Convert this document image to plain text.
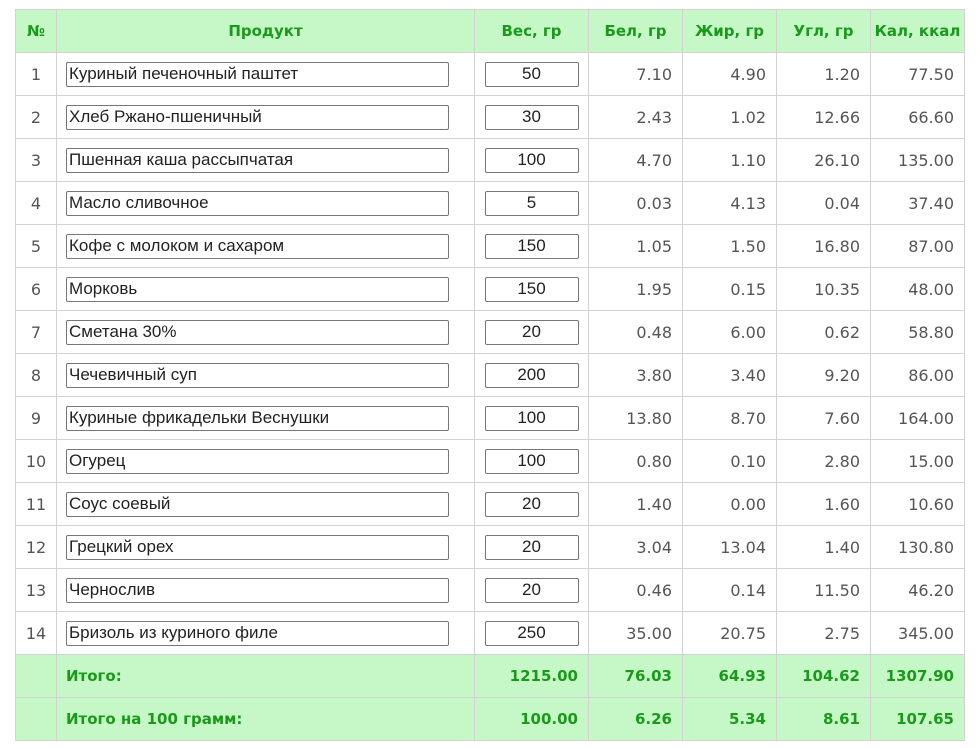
№	Продукт	Вес, гр	Бел, гр	Жир, гр	Угл, гр	Кал, ккал
1	Куриный печеночный паштет	50	7.10	4.90	1.20	77.50
2	Хлеб Ржано-пшеничный	30	2.43	1.02	12.66	66.60
3	Пшенная каша рассыпчатая	100	4.70	1.10	26.10	135.00
4	Масло сливочное	5	0.03	4.13	0.04	37.40
5	Кофе с молоком и сахаром	150	1.05	1.50	16.80	87.00
6	Морковь	150	1.95	0.15	10.35	48.00
7	Сметана 30%	20	0.48	6.00	0.62	58.80
8	Чечевичный суп	200	3.80	3.40	9.20	86.00
9	Куриные фрикадельки Веснушки	100	13.80	8.70	7.60	164.00
10	Огурец	100	0.80	0.10	2.80	15.00
11	Соус соевый	20	1.40	0.00	1.60	10.60
12	Грецкий орех	20	3.04	13.04	1.40	130.80
13	Чернослив	20	0.46	0.14	11.50	46.20
14	Бризоль из куриного филе	250	35.00	20.75	2.75	345.00
	Итого:	1215.00	76.03	64.93	104.62	1307.90
	Итого на 100 грамм:	100.00	6.26	5.34	8.61	107.65
